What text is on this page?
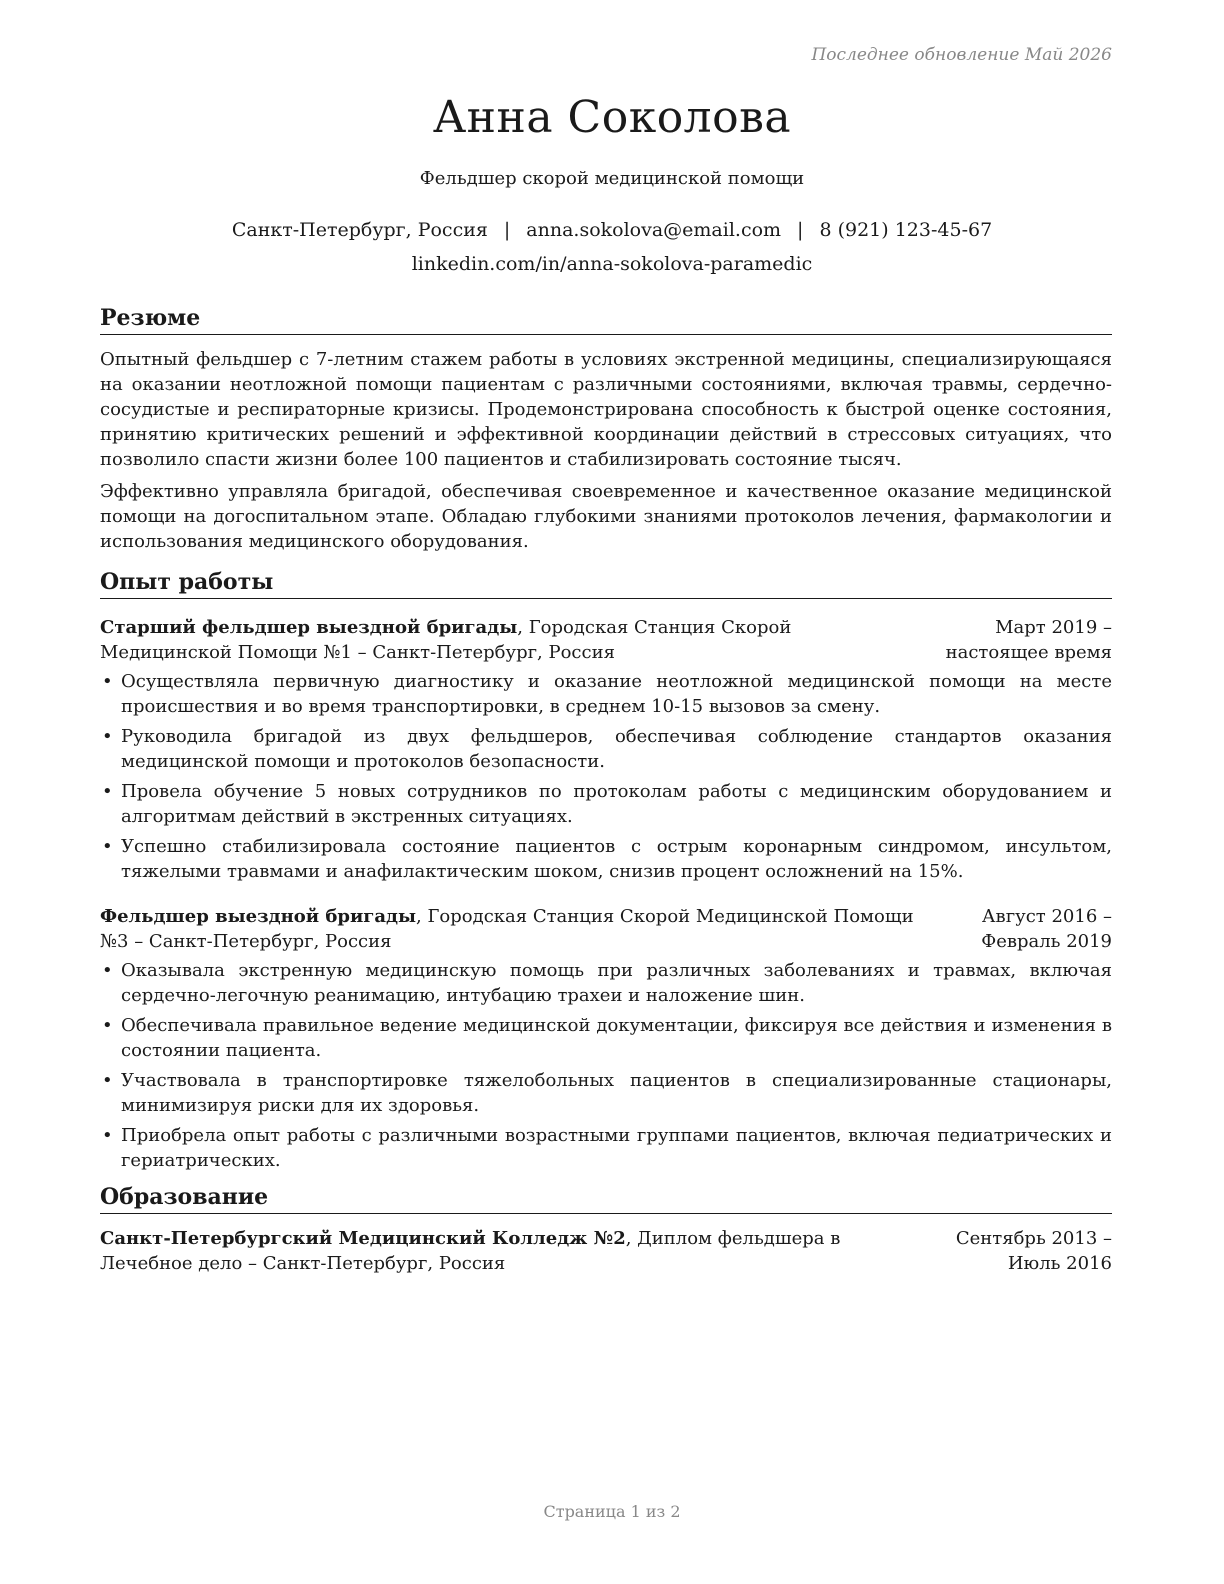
Последнее обновление Май 2026
Анна Соколова
Фельдшер скорой медицинской помощи
Санкт-Петербург, Россия | anna.sokolova@email.com | 8 (921) 123-45-67
linkedin.com/in/anna-sokolova-paramedic
Резюме

Опытный фельдшер с 7-летним стажем работы в условиях экстренной медицины, специализирующаяся на оказании неотложной помощи пациентам с различными состояниями, включая травмы, сердечно-сосудистые и респираторные кризисы. Продемонстрирована способность к быстрой оценке состояния, принятию критических решений и эффективной координации действий в стрессовых ситуациях, что позволило спасти жизни более 100 пациентов и стабилизировать состояние тысяч.

Эффективно управляла бригадой, обеспечивая своевременное и качественное оказание медицинской помощи на догоспитальном этапе. Обладаю глубокими знаниями протоколов лечения, фармакологии и использования медицинского оборудования.

Опыт работы
Старший фельдшер выездной бригады, Городская Станция Скорой Медицинской Помощи №1 – Санкт-Петербург, Россия
Март 2019 – настоящее время
• Осуществляла первичную диагностику и оказание неотложной медицинской помощи на месте происшествия и во время транспортировки, в среднем 10-15 вызовов за смену.
• Руководила бригадой из двух фельдшеров, обеспечивая соблюдение стандартов оказания медицинской помощи и протоколов безопасности.
• Провела обучение 5 новых сотрудников по протоколам работы с медицинским оборудованием и алгоритмам действий в экстренных ситуациях.
• Успешно стабилизировала состояние пациентов с острым коронарным синдромом, инсультом, тяжелыми травмами и анафилактическим шоком, снизив процент осложнений на 15%.
Фельдшер выездной бригады, Городская Станция Скорой Медицинской Помощи №3 – Санкт-Петербург, Россия
Август 2016 – Февраль 2019
• Оказывала экстренную медицинскую помощь при различных заболеваниях и травмах, включая сердечно-легочную реанимацию, интубацию трахеи и наложение шин.
• Обеспечивала правильное ведение медицинской документации, фиксируя все действия и изменения в состоянии пациента.
• Участвовала в транспортировке тяжелобольных пациентов в специализированные стационары, минимизируя риски для их здоровья.
• Приобрела опыт работы с различными возрастными группами пациентов, включая педиатрических и гериатрических.
Образование
Санкт-Петербургский Медицинский Колледж №2, Диплом фельдшера в Лечебное дело – Санкт-Петербург, Россия
Сентябрь 2013 – Июль 2016
Страница 1 из 2
